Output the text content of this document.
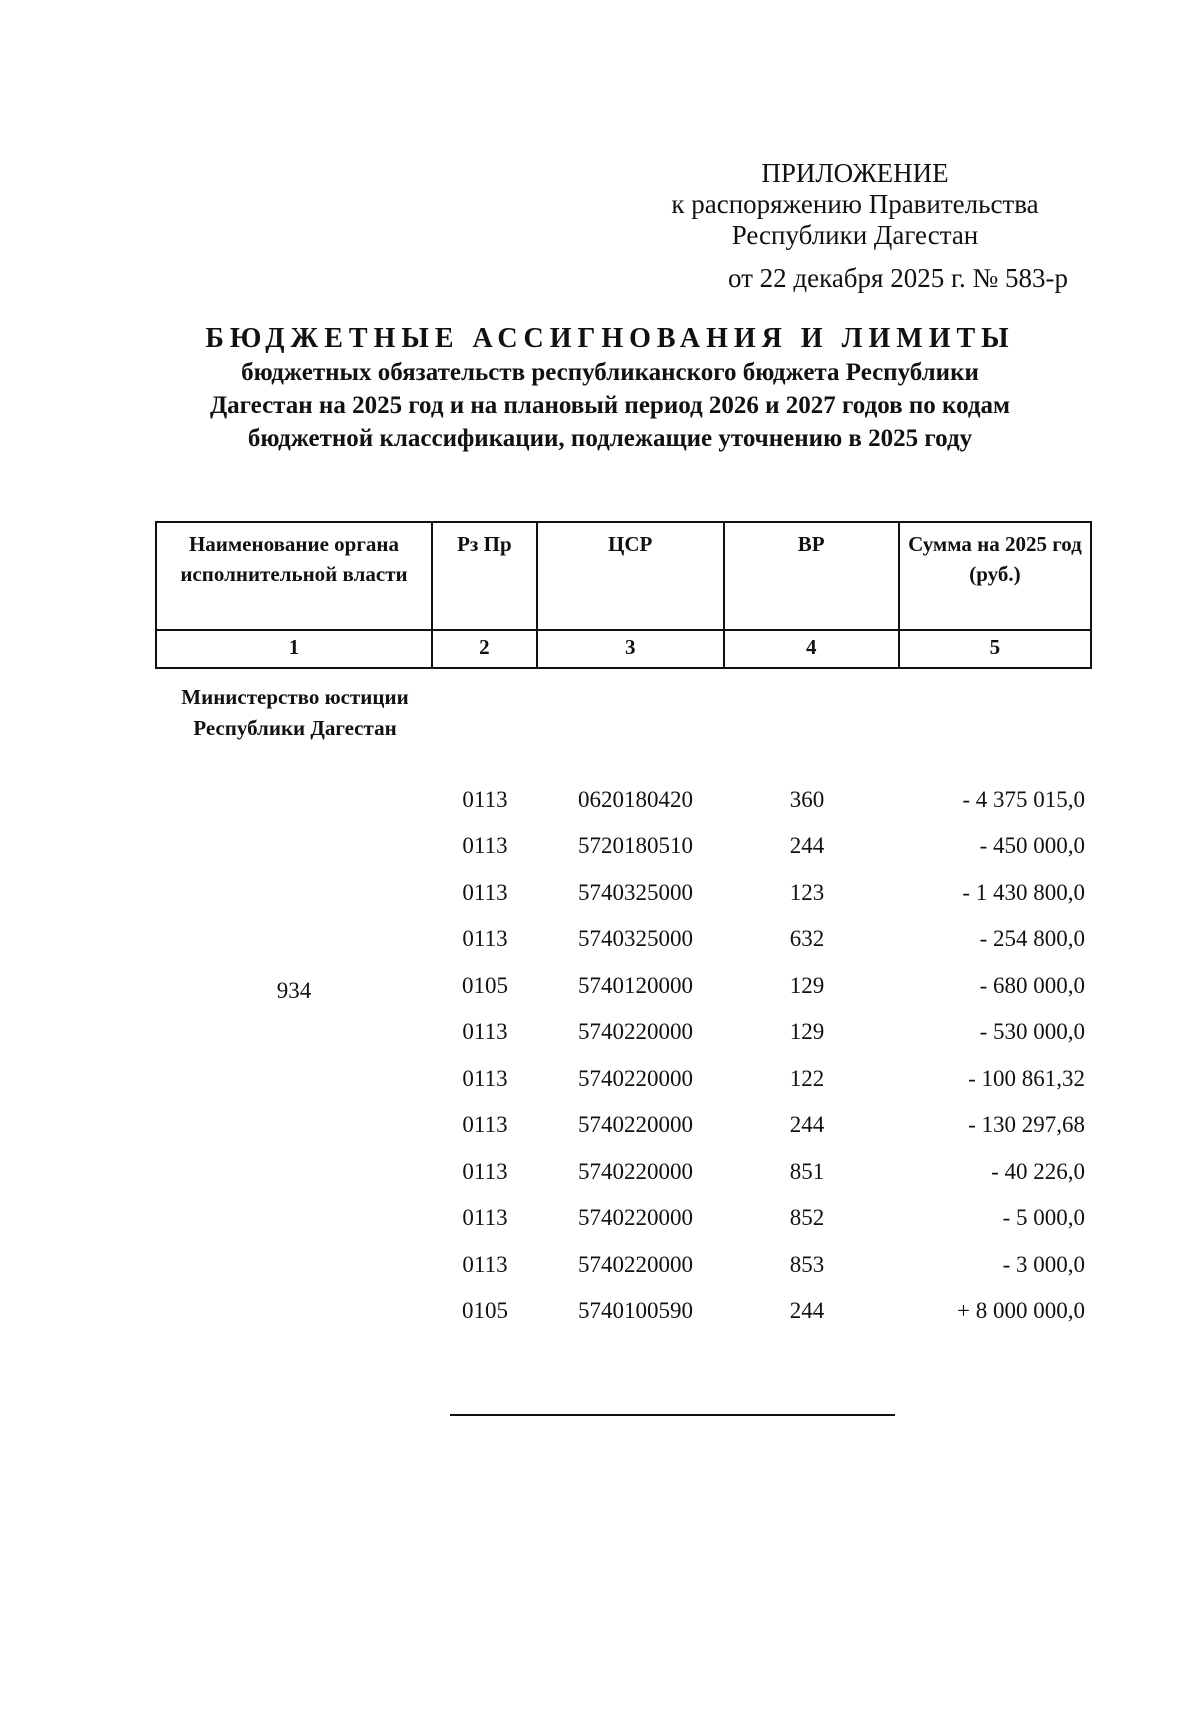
ПРИЛОЖЕНИЕ
к распоряжению Правительства
Республики Дагестан
от 22 декабря 2025 г. № 583-р
БЮДЖЕТНЫЕ АССИГНОВАНИЯ И ЛИМИТЫ
бюджетных обязательств республиканского бюджета Республики
Дагестан на 2025 год и на плановый период 2026 и 2027 годов по кодам
бюджетной классификации, подлежащие уточнению в 2025 году
Наименование органа исполнительной власти	Рз Пр	ЦСР	ВР	Сумма на 2025 год (руб.)
1	2	3	4	5
Министерство юстиции Республики Дагестан
934
0113	0620180420	360	- 4 375 015,0
0113	5720180510	244	- 450 000,0
0113	5740325000	123	- 1 430 800,0
0113	5740325000	632	- 254 800,0
0105	5740120000	129	- 680 000,0
0113	5740220000	129	- 530 000,0
0113	5740220000	122	- 100 861,32
0113	5740220000	244	- 130 297,68
0113	5740220000	851	- 40 226,0
0113	5740220000	852	- 5 000,0
0113	5740220000	853	- 3 000,0
0105	5740100590	244	+ 8 000 000,0
